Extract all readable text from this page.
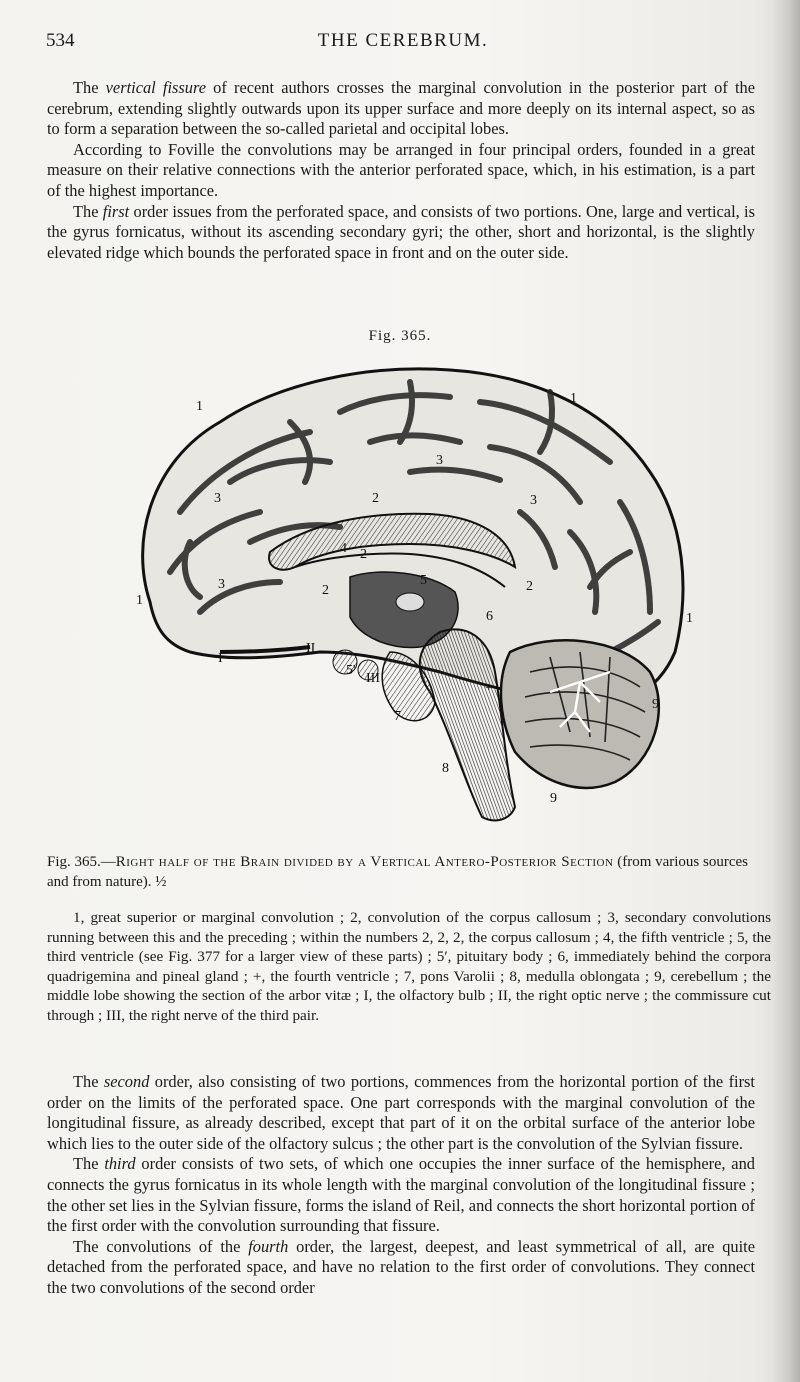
534	THE CEREBRUM.

The vertical fissure of recent authors crosses the marginal convolution in the posterior part of the cerebrum, extending slightly outwards upon its upper surface and more deeply on its internal aspect, so as to form a separation between the so-called parietal and occipital lobes.

According to Foville the convolutions may be arranged in four principal orders, founded in a great measure on their relative connections with the anterior perforated space, which, in his estimation, is a part of the highest importance.

The first order issues from the perforated space, and consists of two portions. One, large and vertical, is the gyrus fornicatus, without its ascending secondary gyri; the other, short and horizontal, is the slightly elevated ridge which bounds the perforated space in front and on the outer side.

Fig. 365.
1
1
1
1
2
2	2
2
3
3	3
3
4
5
5'
6
+
7
8
9
9
I
II
III
Fig. 365.—Right half of the Brain divided by a Vertical Antero-Posterior Section (from various sources and from nature). ½

1, great superior or marginal convolution ; 2, convolution of the corpus callosum ; 3, secondary convolutions running between this and the preceding ; within the numbers 2, 2, 2, the corpus callosum ; 4, the fifth ventricle ; 5, the third ventricle (see Fig. 377 for a larger view of these parts) ; 5′, pituitary body ; 6, immediately behind the corpora quadrigemina and pineal gland ; +, the fourth ventricle ; 7, pons Varolii ; 8, medulla oblongata ; 9, cerebellum ; the middle lobe showing the section of the arbor vitæ ; I, the olfactory bulb ; II, the right optic nerve ; the commissure cut through ; III, the right nerve of the third pair.

The second order, also consisting of two portions, commences from the horizontal portion of the first order on the limits of the perforated space. One part corresponds with the marginal convolution of the longitudinal fissure, as already described, except that part of it on the orbital surface of the anterior lobe which lies to the outer side of the olfactory sulcus ; the other part is the convolution of the Sylvian fissure.

The third order consists of two sets, of which one occupies the inner surface of the hemisphere, and connects the gyrus fornicatus in its whole length with the marginal convolution of the longitudinal fissure ; the other set lies in the Sylvian fissure, forms the island of Reil, and connects the short horizontal portion of the first order with the convolution surrounding that fissure.

The convolutions of the fourth order, the largest, deepest, and least symmetrical of all, are quite detached from the perforated space, and have no relation to the first order of convolutions. They connect the two convolutions of the second order
